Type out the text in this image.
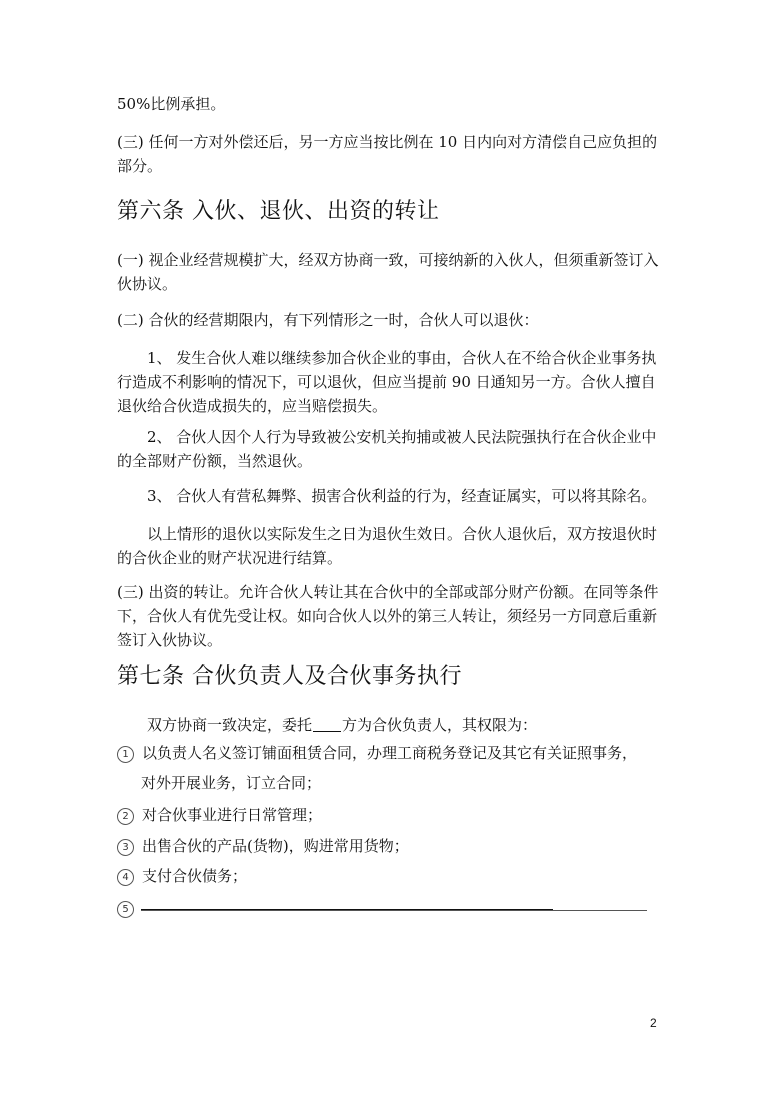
50%比例承担。

(三) 任何一方对外偿还后，另一方应当按比例在 10 日内向对方清偿自己应负担的部分。

第六条 入伙、退伙、出资的转让

(一) 视企业经营规模扩大，经双方协商一致，可接纳新的入伙人，但须重新签订入伙协议。

(二) 合伙的经营期限内，有下列情形之一时，合伙人可以退伙：

1、 发生合伙人难以继续参加合伙企业的事由，合伙人在不给合伙企业事务执行造成不利影响的情况下，可以退伙，但应当提前 90 日通知另一方。合伙人擅自退伙给合伙造成损失的，应当赔偿损失。

2、 合伙人因个人行为导致被公安机关拘捕或被人民法院强执行在合伙企业中的全部财产份额，当然退伙。

3、 合伙人有营私舞弊、损害合伙利益的行为，经查证属实，可以将其除名。

以上情形的退伙以实际发生之日为退伙生效日。合伙人退伙后，双方按退伙时的合伙企业的财产状况进行结算。

(三) 出资的转让。允许合伙人转让其在合伙中的全部或部分财产份额。在同等条件下，合伙人有优先受让权。如向合伙人以外的第三人转让，须经另一方同意后重新签订入伙协议。

第七条 合伙负责人及合伙事务执行

双方协商一致决定，委托 方为合伙负责人，其权限为：

1 以负责人名义签订铺面租赁合同，办理工商税务登记及其它有关证照事务，

对外开展业务，订立合同；

2 对合伙事业进行日常管理；

3 出售合伙的产品(货物)，购进常用货物；

4 支付合伙债务；

5

2
